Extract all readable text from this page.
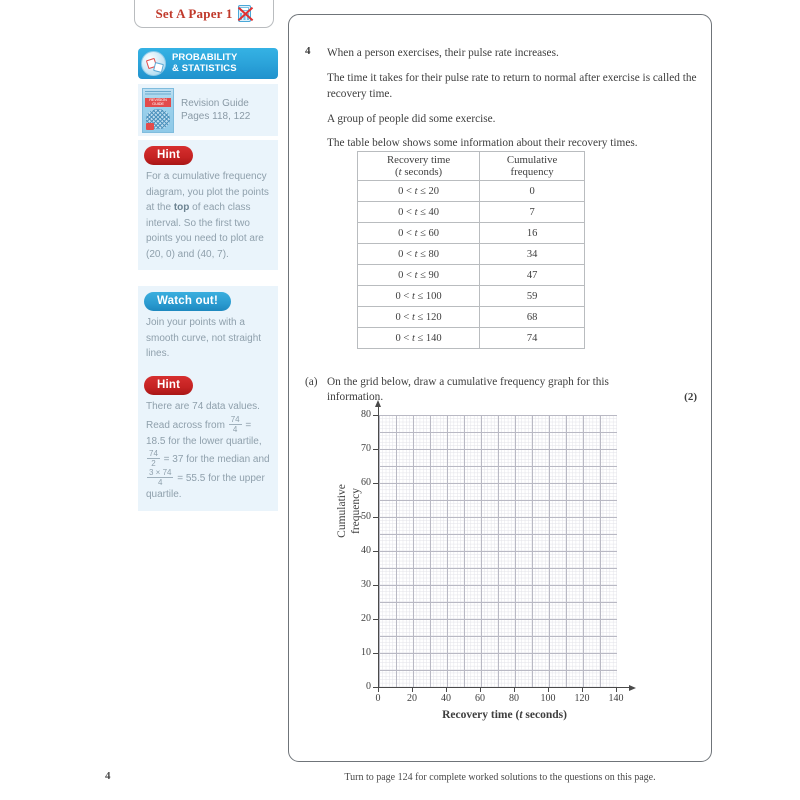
Set A Paper 1
PROBABILITY
& STATISTICS
REVISION GUIDE	Revision Guide
Pages 118, 122
Hint
For a cumulative frequency diagram, you plot the points at the top of each class interval. So the first two points you need to plot are (20, 0) and (40, 7).
Watch out!
Join your points with a smooth curve, not straight lines.
Hint
There are 74 data values. Read across from $\frac{74}{4} = 18.5$ for the lower quartile,
$\frac{74}{2} = 37$ for the median and
$\frac{3 \times 74}{4} = 55.5$ for the upper quartile.
4 When a person exercises, their pulse rate increases.

The time it takes for their pulse rate to return to normal after exercise is called the recovery time.

A group of people did some exercise.

The table below shows some information about their recovery times.

Recovery time
(t seconds)	Cumulative
frequency
0 < t ≤ 20	0
0 < t ≤ 40	7
0 < t ≤ 60	16
0 < t ≤ 80	34
0 < t ≤ 90	47
0 < t ≤ 100	59
0 < t ≤ 120	68
0 < t ≤ 140	74
(a) On the grid below, draw a cumulative frequency graph for this information.	(2)
0
10
20
30
40
50
60
70
80
0	20	40	60	80	100	120	140
Cumulative frequency
Recovery time (t seconds)
4	Turn to page 124 for complete worked solutions to the questions on this page.
